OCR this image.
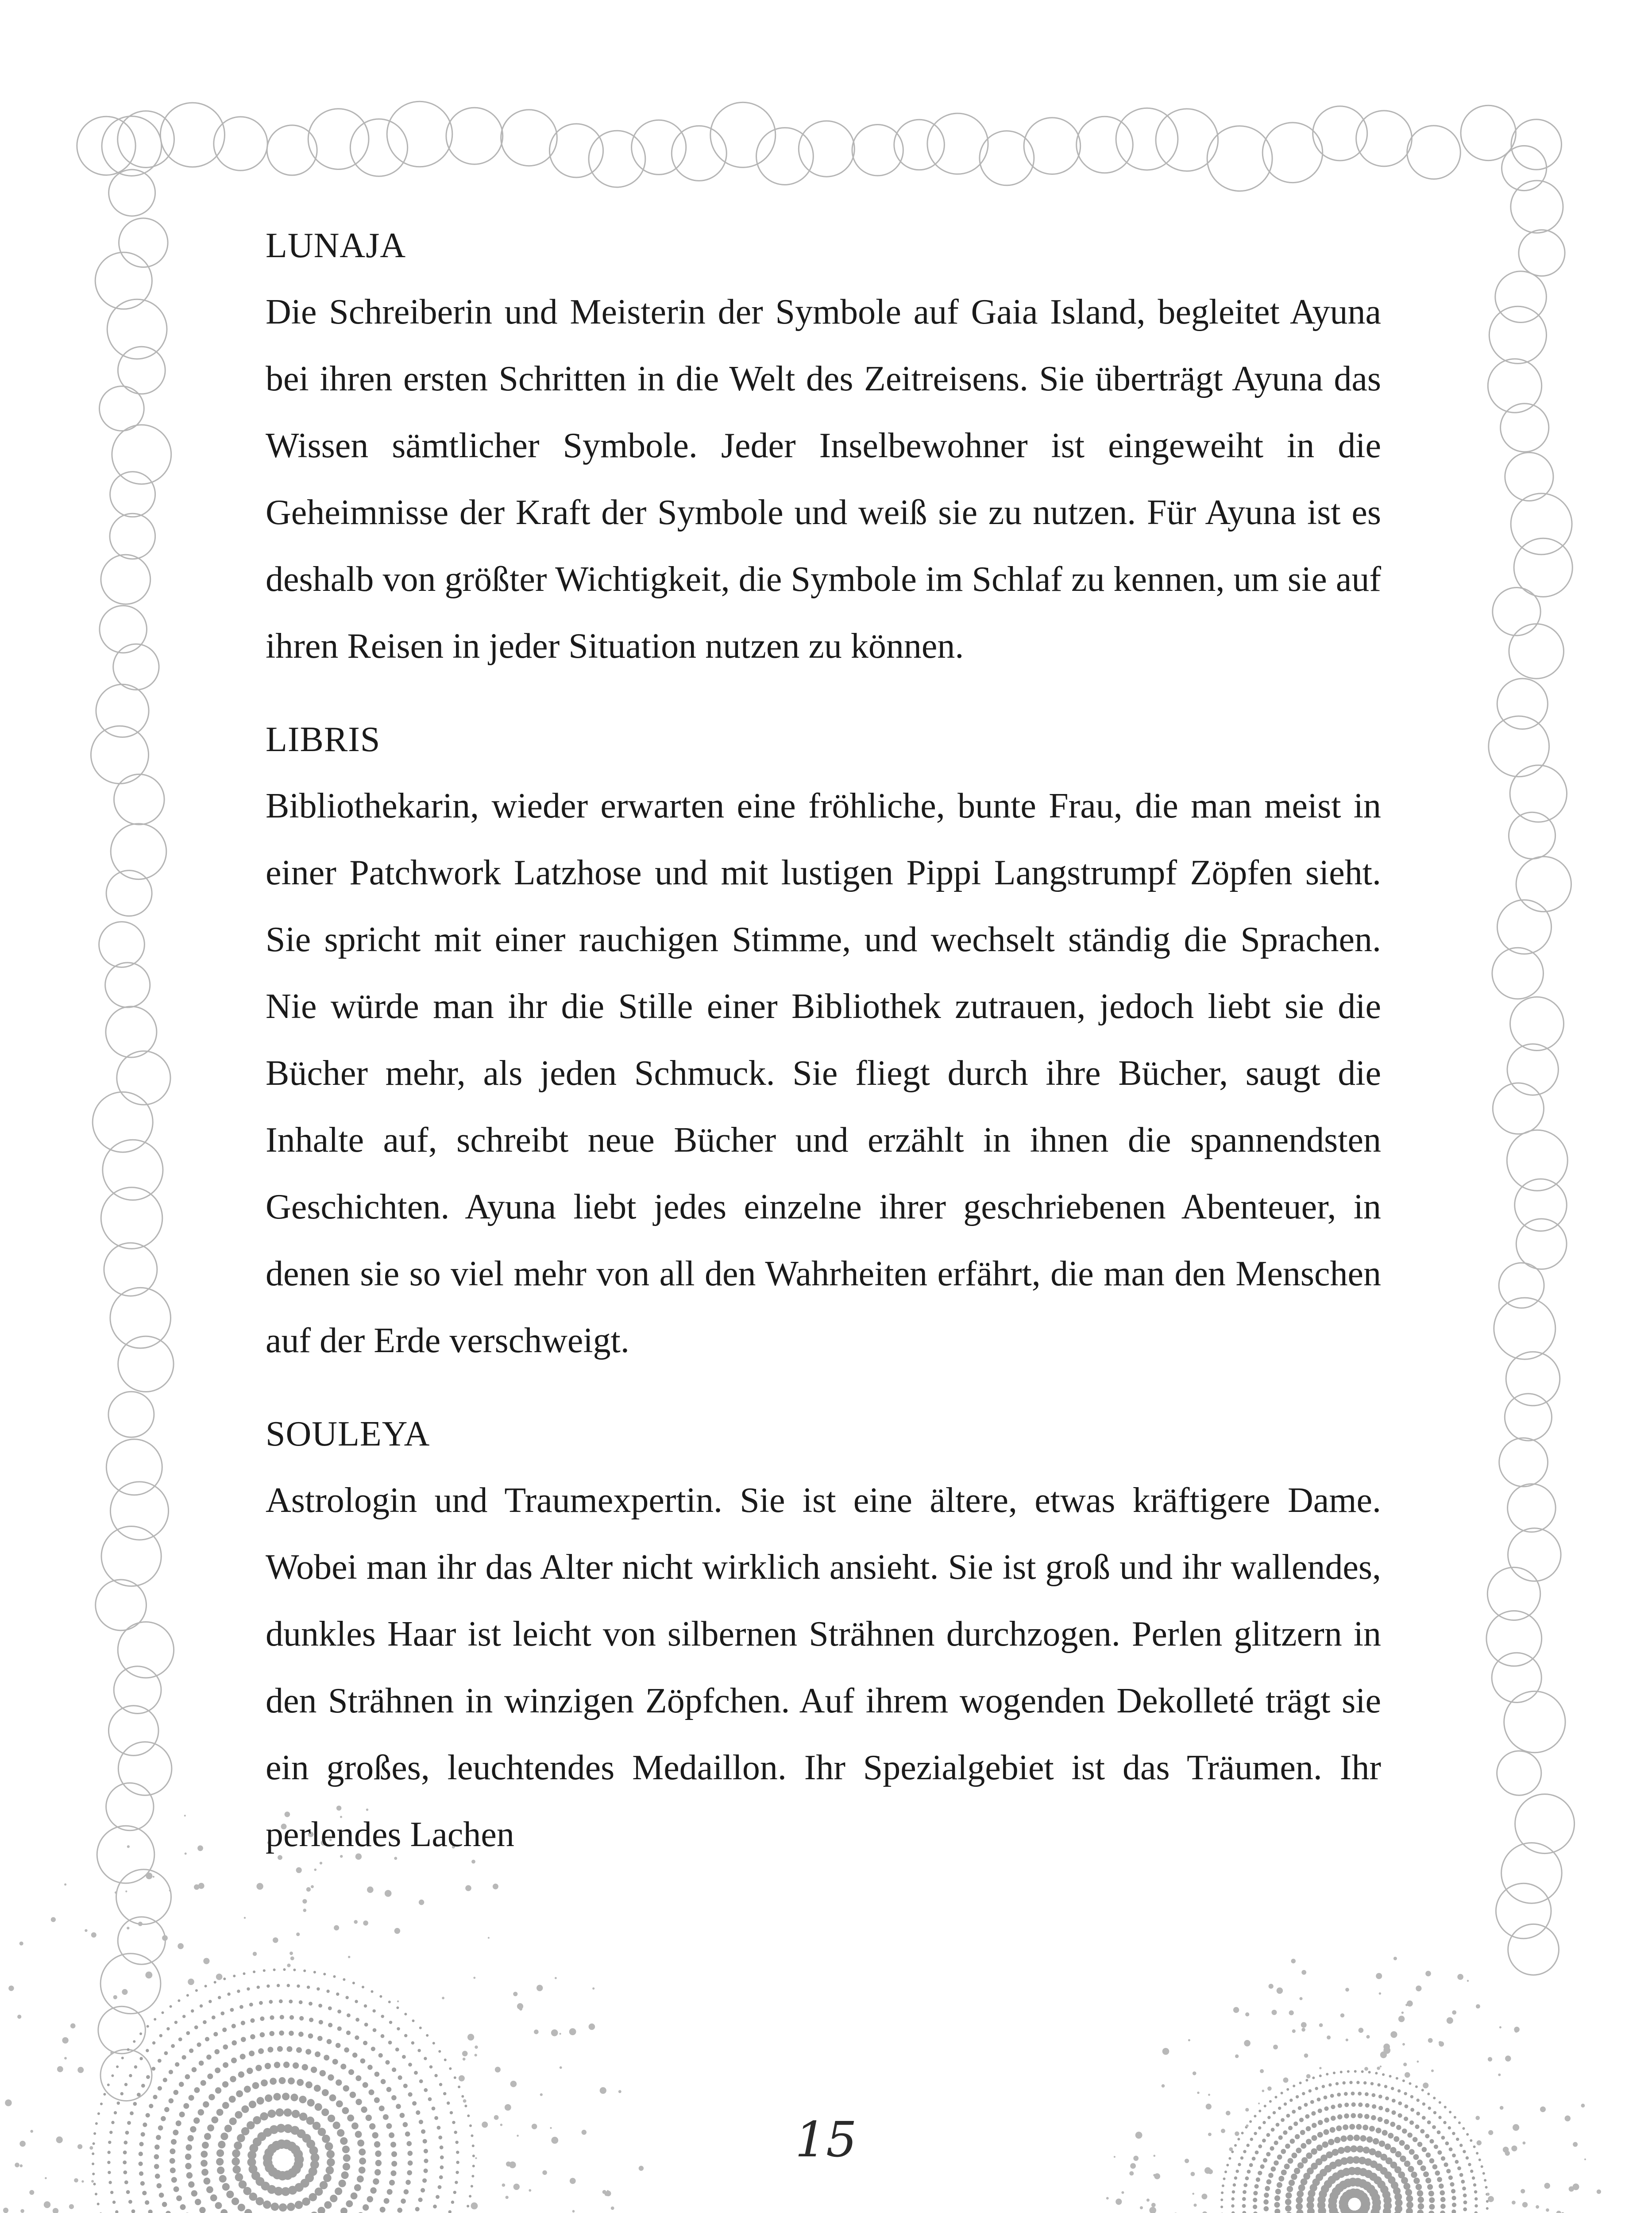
LUNAJA

Die Schreiberin und Meisterin der Symbole auf Gaia Island, begleitet Ayuna bei ihren ersten Schritten in die Welt des Zeitreisens. Sie überträgt Ayuna das Wissen sämtlicher Symbole. Jeder Inselbewohner ist eingeweiht in die Geheimnisse der Kraft der Symbole und weiß sie zu nutzen. Für Ayuna ist es deshalb von größter Wichtigkeit, die Symbole im Schlaf zu kennen, um sie auf ihren Reisen in jeder Situation nutzen zu können.

LIBRIS

Bibliothekarin, wieder erwarten eine fröhliche, bunte Frau, die man meist in einer Patchwork Latzhose und mit lustigen Pippi Langstrumpf Zöpfen sieht. Sie spricht mit einer rauchigen Stimme, und wechselt ständig die Sprachen. Nie würde man ihr die Stille einer Bibliothek zutrauen, jedoch liebt sie die Bücher mehr, als jeden Schmuck. Sie fliegt durch ihre Bücher, saugt die Inhalte auf, schreibt neue Bücher und erzählt in ihnen die spannendsten Geschichten. Ayuna liebt jedes einzelne ihrer geschriebenen Abenteuer, in denen sie so viel mehr von all den Wahrheiten erfährt, die man den Menschen auf der Erde verschweigt.

SOULEYA

Astrologin und Traumexpertin. Sie ist eine ältere, etwas kräftigere Dame. Wobei man ihr das Alter nicht wirklich ansieht. Sie ist groß und ihr wallendes, dunkles Haar ist leicht von silbernen Strähnen durchzogen. Perlen glitzern in den Strähnen in winzigen Zöpfchen. Auf ihrem wogenden Dekolleté trägt sie ein großes, leuchtendes Medaillon. Ihr Spezialgebiet ist das Träumen. Ihr perlendes Lachen

15
